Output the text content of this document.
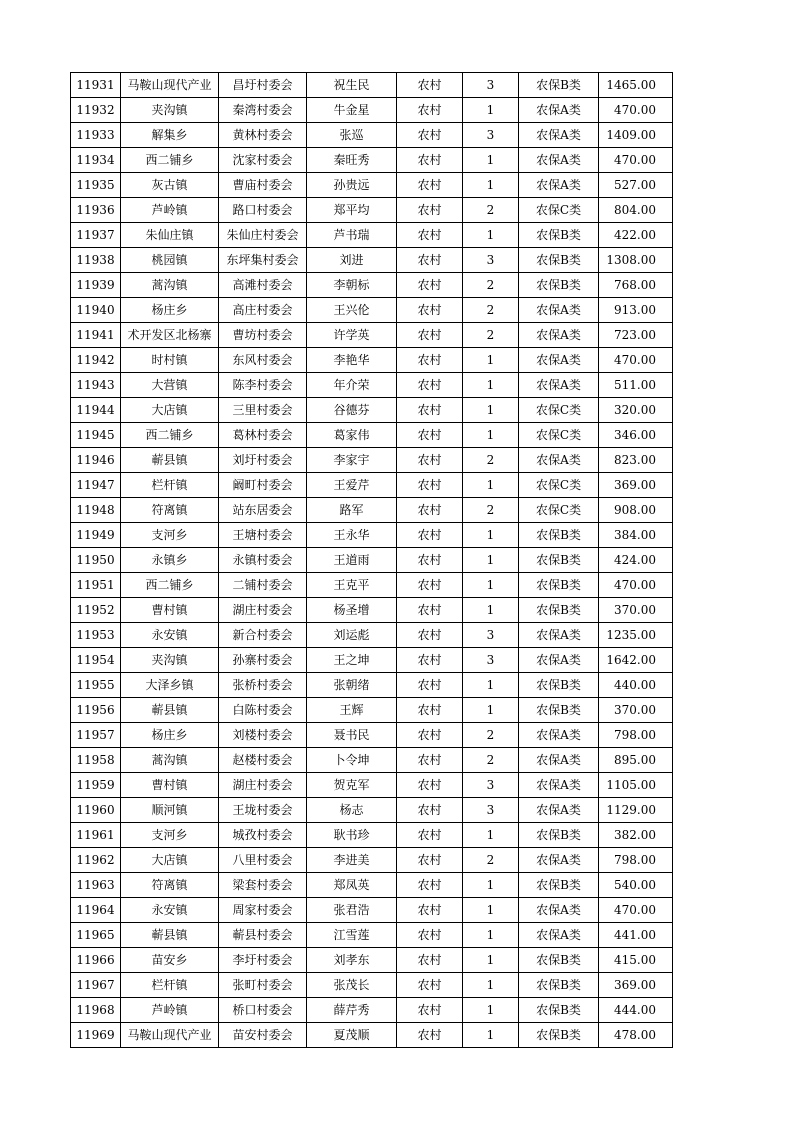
11931	马鞍山现代产业	昌圩村委会	祝生民	农村	3	农保B类	1465.00
11932	夹沟镇	秦湾村委会	牛金星	农村	1	农保A类	470.00
11933	解集乡	黄林村委会	张巡	农村	3	农保A类	1409.00
11934	西二铺乡	沈家村委会	秦旺秀	农村	1	农保A类	470.00
11935	灰古镇	曹庙村委会	孙贵远	农村	1	农保A类	527.00
11936	芦岭镇	路口村委会	郑平均	农村	2	农保C类	804.00
11937	朱仙庄镇	朱仙庄村委会	芦书瑞	农村	1	农保B类	422.00
11938	桃园镇	东坪集村委会	刘进	农村	3	农保B类	1308.00
11939	蒿沟镇	高滩村委会	李朝标	农村	2	农保B类	768.00
11940	杨庄乡	高庄村委会	王兴伦	农村	2	农保A类	913.00
11941	术开发区北杨寨	曹坊村委会	许学英	农村	2	农保A类	723.00
11942	时村镇	东风村委会	李艳华	农村	1	农保A类	470.00
11943	大营镇	陈李村委会	年介荣	农村	1	农保A类	511.00
11944	大店镇	三里村委会	谷德芬	农村	1	农保C类	320.00
11945	西二铺乡	葛林村委会	葛家伟	农村	1	农保C类	346.00
11946	蕲县镇	刘圩村委会	李家宇	农村	2	农保A类	823.00
11947	栏杆镇	阚町村委会	王爱芹	农村	1	农保C类	369.00
11948	符离镇	站东居委会	路军	农村	2	农保C类	908.00
11949	支河乡	王塘村委会	王永华	农村	1	农保B类	384.00
11950	永镇乡	永镇村委会	王道雨	农村	1	农保B类	424.00
11951	西二铺乡	二铺村委会	王克平	农村	1	农保B类	470.00
11952	曹村镇	湖庄村委会	杨圣增	农村	1	农保B类	370.00
11953	永安镇	新合村委会	刘运彪	农村	3	农保A类	1235.00
11954	夹沟镇	孙寨村委会	王之坤	农村	3	农保A类	1642.00
11955	大泽乡镇	张桥村委会	张朝绪	农村	1	农保B类	440.00
11956	蕲县镇	白陈村委会	王辉	农村	1	农保B类	370.00
11957	杨庄乡	刘楼村委会	聂书民	农村	2	农保A类	798.00
11958	蒿沟镇	赵楼村委会	卜令坤	农村	2	农保A类	895.00
11959	曹村镇	湖庄村委会	贺克军	农村	3	农保A类	1105.00
11960	顺河镇	王垅村委会	杨志	农村	3	农保A类	1129.00
11961	支河乡	城孜村委会	耿书珍	农村	1	农保B类	382.00
11962	大店镇	八里村委会	李进美	农村	2	农保A类	798.00
11963	符离镇	梁套村委会	郑凤英	农村	1	农保B类	540.00
11964	永安镇	周家村委会	张君浩	农村	1	农保A类	470.00
11965	蕲县镇	蕲县村委会	江雪莲	农村	1	农保A类	441.00
11966	苗安乡	李圩村委会	刘孝东	农村	1	农保B类	415.00
11967	栏杆镇	张町村委会	张茂长	农村	1	农保B类	369.00
11968	芦岭镇	桥口村委会	薛芹秀	农村	1	农保B类	444.00
11969	马鞍山现代产业	苗安村委会	夏茂顺	农村	1	农保B类	478.00
